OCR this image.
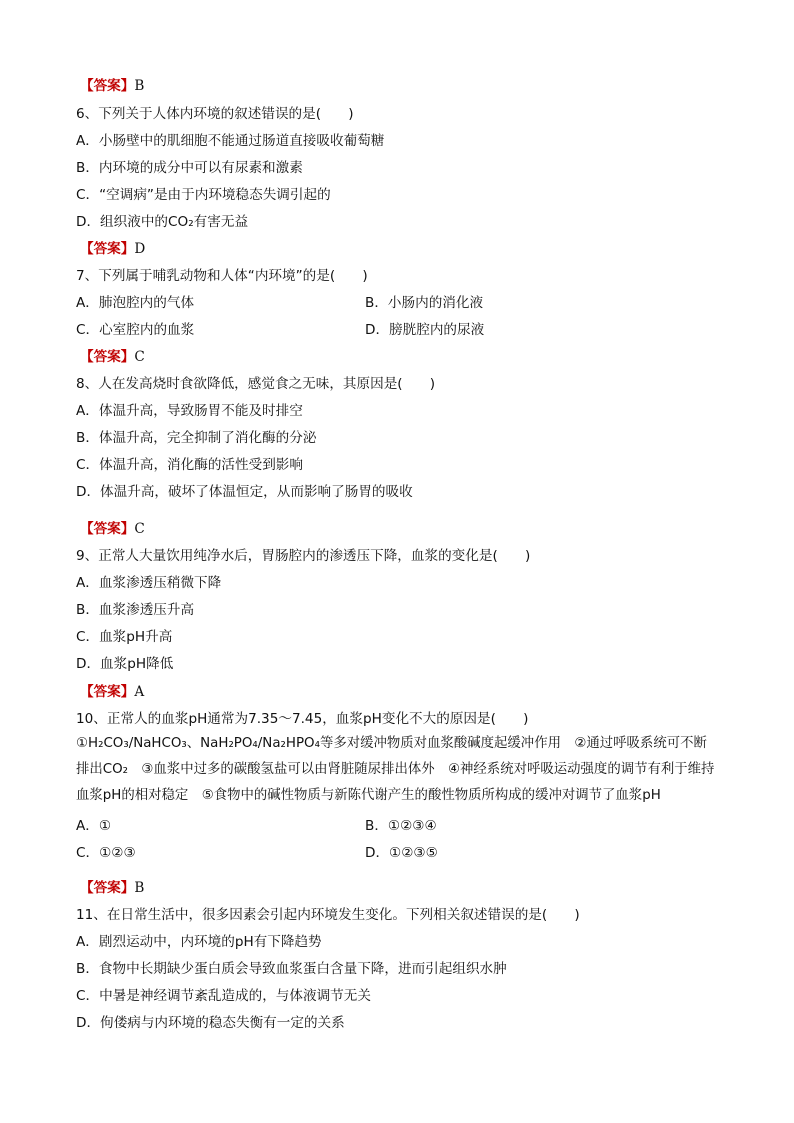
【答案】B
6、下列关于人体内环境的叙述错误的是(　　)
A．小肠壁中的肌细胞不能通过肠道直接吸收葡萄糖
B．内环境的成分中可以有尿素和激素
C．“空调病”是由于内环境稳态失调引起的
D．组织液中的CO₂有害无益
【答案】D
7、下列属于哺乳动物和人体“内环境”的是(　　)
A．肺泡腔内的气体	B．小肠内的消化液
C．心室腔内的血浆	D．膀胱腔内的尿液
【答案】C
8、人在发高烧时食欲降低，感觉食之无味，其原因是(　　)
A．体温升高，导致肠胃不能及时排空
B．体温升高，完全抑制了消化酶的分泌
C．体温升高，消化酶的活性受到影响
D．体温升高，破坏了体温恒定，从而影响了肠胃的吸收
【答案】C
9、正常人大量饮用纯净水后，胃肠腔内的渗透压下降，血浆的变化是(　　)
A．血浆渗透压稍微下降
B．血浆渗透压升高
C．血浆pH升高
D．血浆pH降低
【答案】A
10、正常人的血浆pH通常为7.35～7.45，血浆pH变化不大的原因是(　　)
①H₂CO₃/NaHCO₃、NaH₂PO₄/Na₂HPO₄等多对缓冲物质对血浆酸碱度起缓冲作用　②通过呼吸系统可不断排出CO₂　③血浆中过多的碳酸氢盐可以由肾脏随尿排出体外　④神经系统对呼吸运动强度的调节有利于维持血浆pH的相对稳定　⑤食物中的碱性物质与新陈代谢产生的酸性物质所构成的缓冲对调节了血浆pH
A．①	B．①②③④
C．①②③	D．①②③⑤
【答案】B
11、在日常生活中，很多因素会引起内环境发生变化。下列相关叙述错误的是(　　)
A．剧烈运动中，内环境的pH有下降趋势
B．食物中长期缺少蛋白质会导致血浆蛋白含量下降，进而引起组织水肿
C．中暑是神经调节紊乱造成的，与体液调节无关
D．佝偻病与内环境的稳态失衡有一定的关系
